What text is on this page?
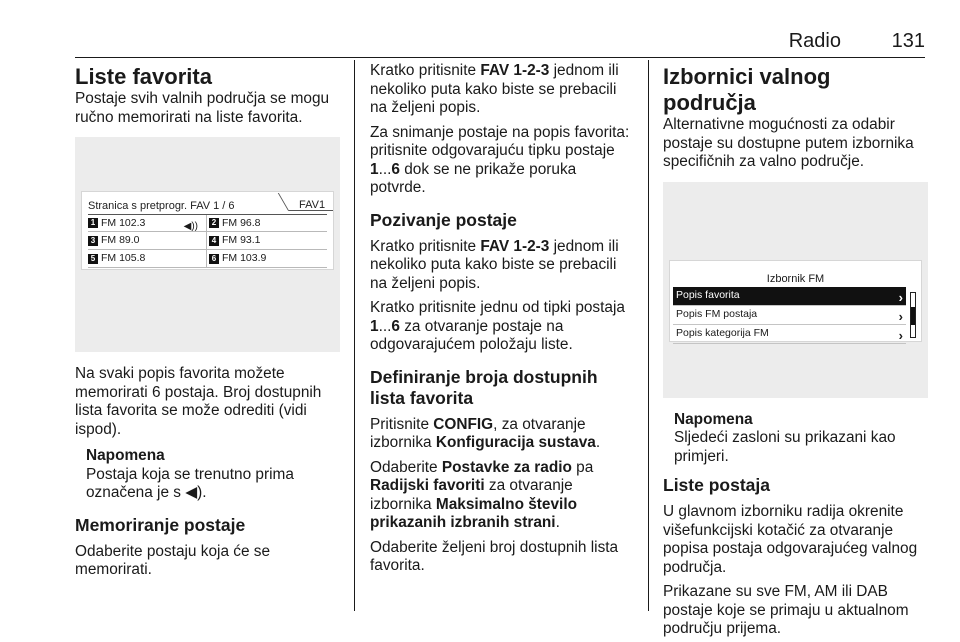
Radio	131
Liste favorita

Postaje svih valnih područja se mogu ručno memorirati na liste favorita.

Stranica s pretprogr. FAV 1 / 6	FAV1
1 FM 102.3	◀))	2 FM 96.8
3 FM 89.0	4 FM 93.1
5 FM 105.8	6 FM 103.9

Na svaki popis favorita možete memorirati 6 postaja. Broj dostupnih lista favorita se može odrediti (vidi ispod).

Napomena

Postaja koja se trenutno prima označena je s ◀).

Memoriranje postaje

Odaberite postaju koja će se memorirati.

Kratko pritisnite FAV 1-2-3 jednom ili nekoliko puta kako biste se prebacili na željeni popis.

Za snimanje postaje na popis favorita: pritisnite odgovarajuću tipku postaje 1...6 dok se ne prikaže poruka potvrde.

Pozivanje postaje

Kratko pritisnite FAV 1-2-3 jednom ili nekoliko puta kako biste se prebacili na željeni popis.

Kratko pritisnite jednu od tipki postaja 1...6 za otvaranje postaje na odgovarajućem položaju liste.

Definiranje broja dostupnih lista favorita

Pritisnite CONFIG, za otvaranje izbornika Konfiguracija sustava.

Odaberite Postavke za radio pa Radijski favoriti za otvaranje izbornika Maksimalno število prikazanih izbranih strani.

Odaberite željeni broj dostupnih lista favorita.

Izbornici valnog područja

Alternativne mogućnosti za odabir postaje su dostupne putem izbornika specifičnih za valno područje.

Izbornik FM
Popis favorita	›
Popis FM postaja	›
Popis kategorija FM	›

Napomena

Sljedeći zasloni su prikazani kao primjeri.

Liste postaja

U glavnom izborniku radija okrenite višefunkcijski kotačić za otvaranje popisa postaja odgovarajućeg valnog područja.

Prikazane su sve FM, AM ili DAB postaje koje se primaju u aktualnom području prijema.
